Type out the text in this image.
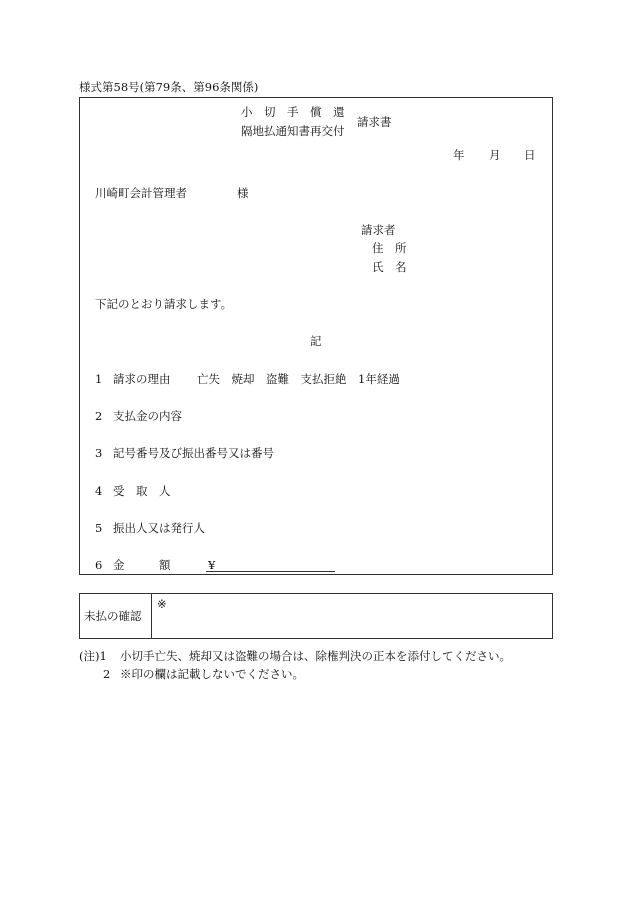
様式第58号(第79条、第96条関係)
小　切　手　償　還
隔地払通知書再交付
請求書
年 月 日
川崎町会計管理者	様
請求者
住　所
氏　名
下記のとおり請求します。
記
1 請求の理由 亡失　焼却　盗難　支払拒絶　1年経過
2 支払金の内容
3 記号番号及び振出番号又は番号
4 受　取　人
5 振出人又は発行人
6 金　　　額	¥
未払の確認
※
(注)1 小切手亡失、焼却又は盗難の場合は、除権判決の正本を添付してください。
2 ※印の欄は記載しないでください。
